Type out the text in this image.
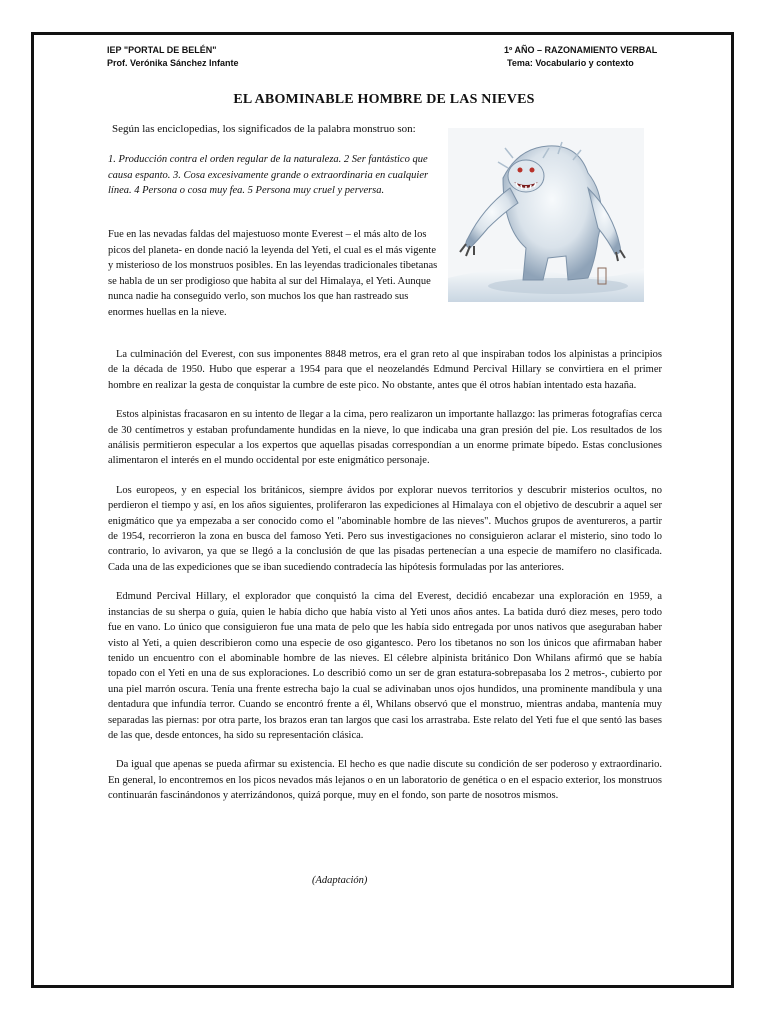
IEP "PORTAL DE BELÉN"
Prof. Verónika Sánchez Infante
1º AÑO – RAZONAMIENTO VERBAL
Tema: Vocabulario y contexto
EL ABOMINABLE HOMBRE DE LAS NIEVES
Según las enciclopedias, los significados de la palabra monstruo son:
1. Producción contra el orden regular de la naturaleza. 2 Ser fantástico que causa espanto. 3. Cosa excesivamente grande o extraordinaria en cualquier línea. 4 Persona o cosa muy fea. 5 Persona muy cruel y perversa.
Fue en las nevadas faldas del majestuoso monte Everest – el más alto de los picos del planeta- en donde nació la leyenda del Yeti, el cual es el más vigente y misterioso de los monstruos posibles. En las leyendas tradicionales tibetanas se habla de un ser prodigioso que habita al sur del Himalaya, el Yeti. Aunque nunca nadie ha conseguido verlo, son muchos los que han rastreado sus enormes huellas en la nieve.

La culminación del Everest, con sus imponentes 8848 metros, era el gran reto al que inspiraban todos los alpinistas a principios de la década de 1950. Hubo que esperar a 1954 para que el neozelandés Edmund Percival Hillary se convirtiera en el primer hombre en realizar la gesta de conquistar la cumbre de este pico. No obstante, antes que él otros habían intentado esta hazaña.

Estos alpinistas fracasaron en su intento de llegar a la cima, pero realizaron un importante hallazgo: las primeras fotografías cerca de 30 centímetros y estaban profundamente hundidas en la nieve, lo que indicaba una gran presión del pie. Los resultados de los análisis permitieron especular a los expertos que aquellas pisadas correspondían a un enorme primate bípedo. Estas conclusiones alimentaron el interés en el mundo occidental por este enigmático personaje.

Los europeos, y en especial los británicos, siempre ávidos por explorar nuevos territorios y descubrir misterios ocultos, no perdieron el tiempo y así, en los años siguientes, proliferaron las expediciones al Himalaya con el objetivo de descubrir a aquel ser enigmático que ya empezaba a ser conocido como el "abominable hombre de las nieves". Muchos grupos de aventureros, a partir de 1954, recorrieron la zona en busca del famoso Yeti. Pero sus investigaciones no consiguieron aclarar el misterio, sino todo lo contrario, lo avivaron, ya que se llegó a la conclusión de que las pisadas pertenecían a una especie de mamífero no clasificada. Cada una de las expediciones que se iban sucediendo contradecía las hipótesis formuladas por las anteriores.

Edmund Percival Hillary, el explorador que conquistó la cima del Everest, decidió encabezar una exploración en 1959, a instancias de su sherpa o guía, quien le había dicho que había visto al Yeti unos años antes. La batida duró diez meses, pero todo fue en vano. Lo único que consiguieron fue una mata de pelo que les había sido entregada por unos nativos que aseguraban haber visto al Yeti, a quien describieron como una especie de oso gigantesco. Pero los tibetanos no son los únicos que afirmaban haber tenido un encuentro con el abominable hombre de las nieves. El célebre alpinista británico Don Whilans afirmó que se había topado con el Yeti en una de sus exploraciones. Lo describió como un ser de gran estatura-sobrepasaba los 2 metros-, cubierto por una piel marrón oscura. Tenía una frente estrecha bajo la cual se adivinaban unos ojos hundidos, una prominente mandíbula y una dentadura que infundía terror. Cuando se encontró frente a él, Whilans observó que el monstruo, mientras andaba, mantenía muy separadas las piernas: por otra parte, los brazos eran tan largos que casi los arrastraba. Este relato del Yeti fue el que sentó las bases de las que, desde entonces, ha sido su representación clásica.

Da igual que apenas se pueda afirmar su existencia. El hecho es que nadie discute su condición de ser poderoso y extraordinario. En general, lo encontremos en los picos nevados más lejanos o en un laboratorio de genética o en el espacio exterior, los monstruos continuarán fascinándonos y aterrizándonos, quizá porque, muy en el fondo, son parte de nosotros mismos.

(Adaptación)
